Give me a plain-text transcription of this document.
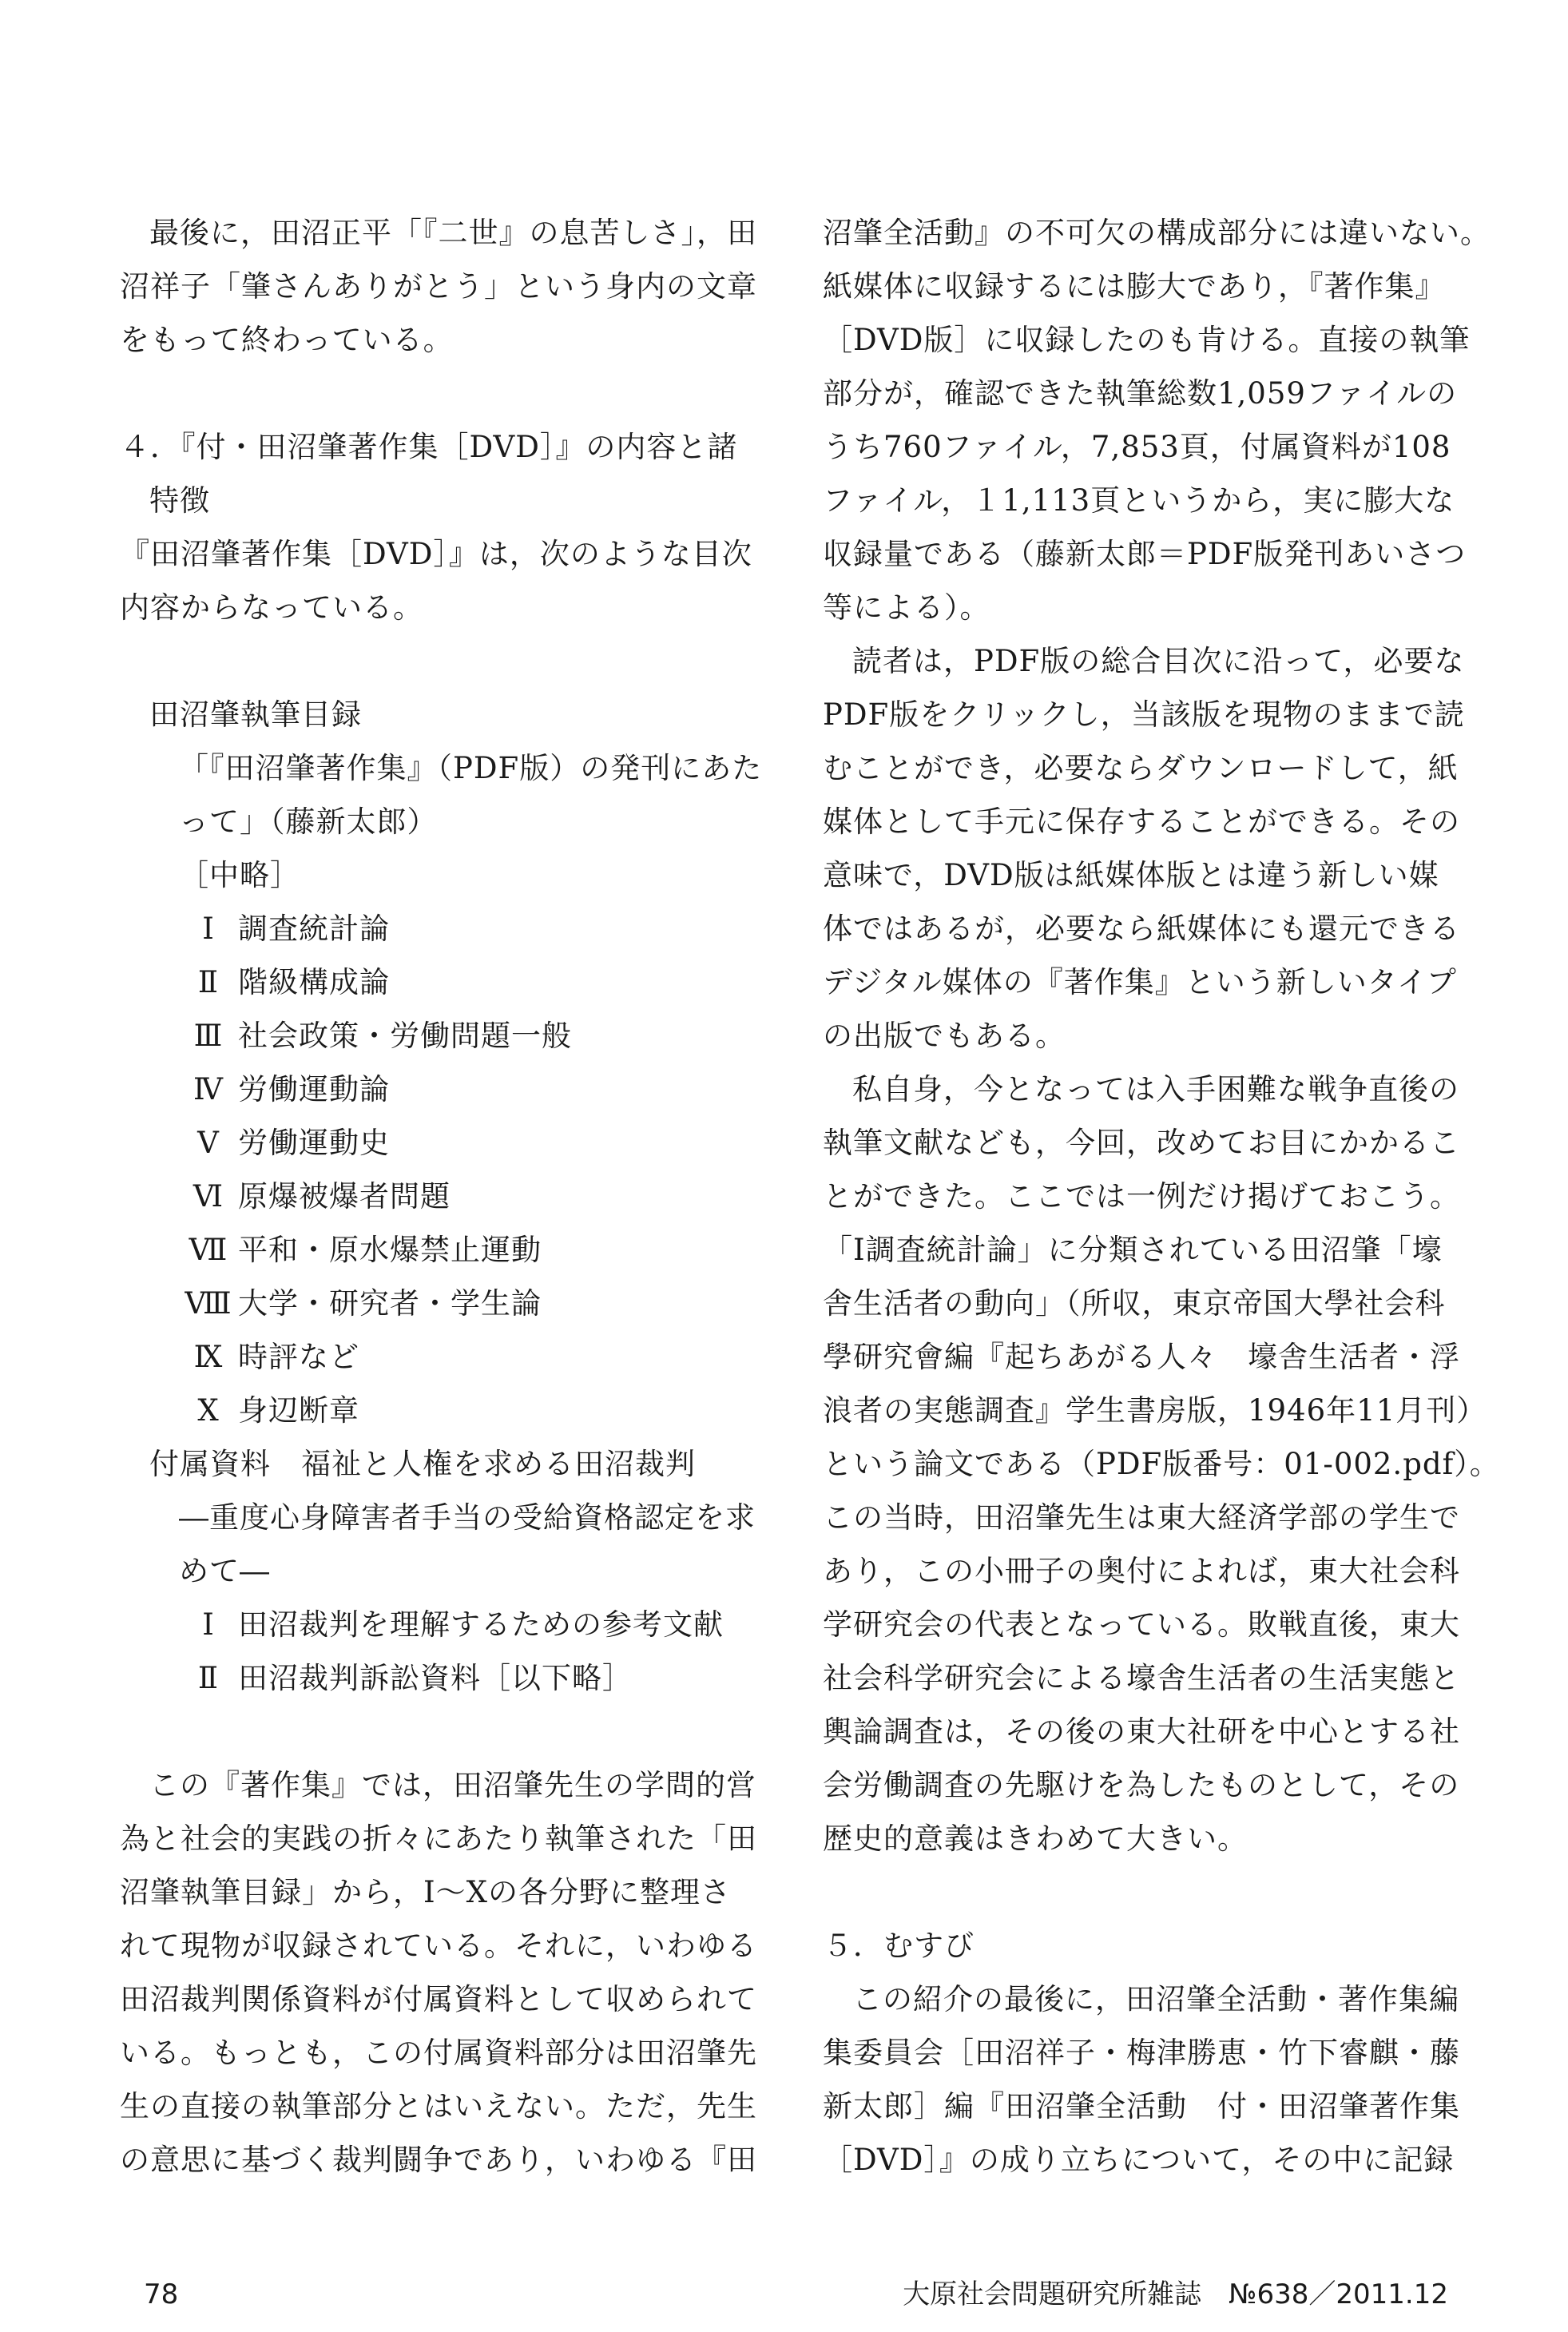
最後に，田沼正平「『二世』の息苦しさ」，田
沼祥子「肇さんありがとう」という身内の文章
をもって終わっている。
４．『付・田沼肇著作集［DVD］』の内容と諸
特徴
『田沼肇著作集［DVD］』は，次のような目次
内容からなっている。
田沼肇執筆目録
「『田沼肇著作集』（PDF版）の発刊にあた
って」（藤新太郎）
［中略］
Ⅰ 調査統計論
Ⅱ 階級構成論
Ⅲ 社会政策・労働問題一般
Ⅳ 労働運動論
Ⅴ 労働運動史
Ⅵ 原爆被爆者問題
Ⅶ 平和・原水爆禁止運動
Ⅷ 大学・研究者・学生論
Ⅸ 時評など
Ⅹ 身辺断章
付属資料　福祉と人権を求める田沼裁判
―重度心身障害者手当の受給資格認定を求
めて―
Ⅰ 田沼裁判を理解するための参考文献
Ⅱ 田沼裁判訴訟資料［以下略］
この『著作集』では，田沼肇先生の学問的営
為と社会的実践の折々にあたり執筆された「田
沼肇執筆目録」から，Ⅰ～Ⅹの各分野に整理さ
れて現物が収録されている。それに，いわゆる
田沼裁判関係資料が付属資料として収められて
いる。もっとも，この付属資料部分は田沼肇先
生の直接の執筆部分とはいえない。ただ，先生
の意思に基づく裁判闘争であり，いわゆる『田
沼肇全活動』の不可欠の構成部分には違いない。
紙媒体に収録するには膨大であり，『著作集』
［DVD版］に収録したのも肯ける。直接の執筆
部分が，確認できた執筆総数1,059ファイルの
うち760ファイル，7,853頁，付属資料が108
ファイル，１1,113頁というから，実に膨大な
収録量である（藤新太郎＝PDF版発刊あいさつ
等による）。
読者は，PDF版の総合目次に沿って，必要な
PDF版をクリックし，当該版を現物のままで読
むことができ，必要ならダウンロードして，紙
媒体として手元に保存することができる。その
意味で，DVD版は紙媒体版とは違う新しい媒
体ではあるが，必要なら紙媒体にも還元できる
デジタル媒体の『著作集』という新しいタイプ
の出版でもある。
私自身，今となっては入手困難な戦争直後の
執筆文献なども，今回，改めてお目にかかるこ
とができた。ここでは一例だけ掲げておこう。
「Ⅰ調査統計論」に分類されている田沼肇「壕
舎生活者の動向」（所収，東京帝国大學社会科
學研究會編『起ちあがる人々　壕舎生活者・浮
浪者の実態調査』学生書房版，1946年11月刊）
という論文である（PDF版番号：01-002.pdf）。
この当時，田沼肇先生は東大経済学部の学生で
あり，この小冊子の奥付によれば，東大社会科
学研究会の代表となっている。敗戦直後，東大
社会科学研究会による壕舎生活者の生活実態と
輿論調査は，その後の東大社研を中心とする社
会労働調査の先駆けを為したものとして，その
歴史的意義はきわめて大きい。
５．むすび
この紹介の最後に，田沼肇全活動・著作集編
集委員会［田沼祥子・梅津勝恵・竹下睿麒・藤
新太郎］編『田沼肇全活動　付・田沼肇著作集
［DVD］』の成り立ちについて，その中に記録
78	大原社会問題研究所雑誌　№638／2011.12
